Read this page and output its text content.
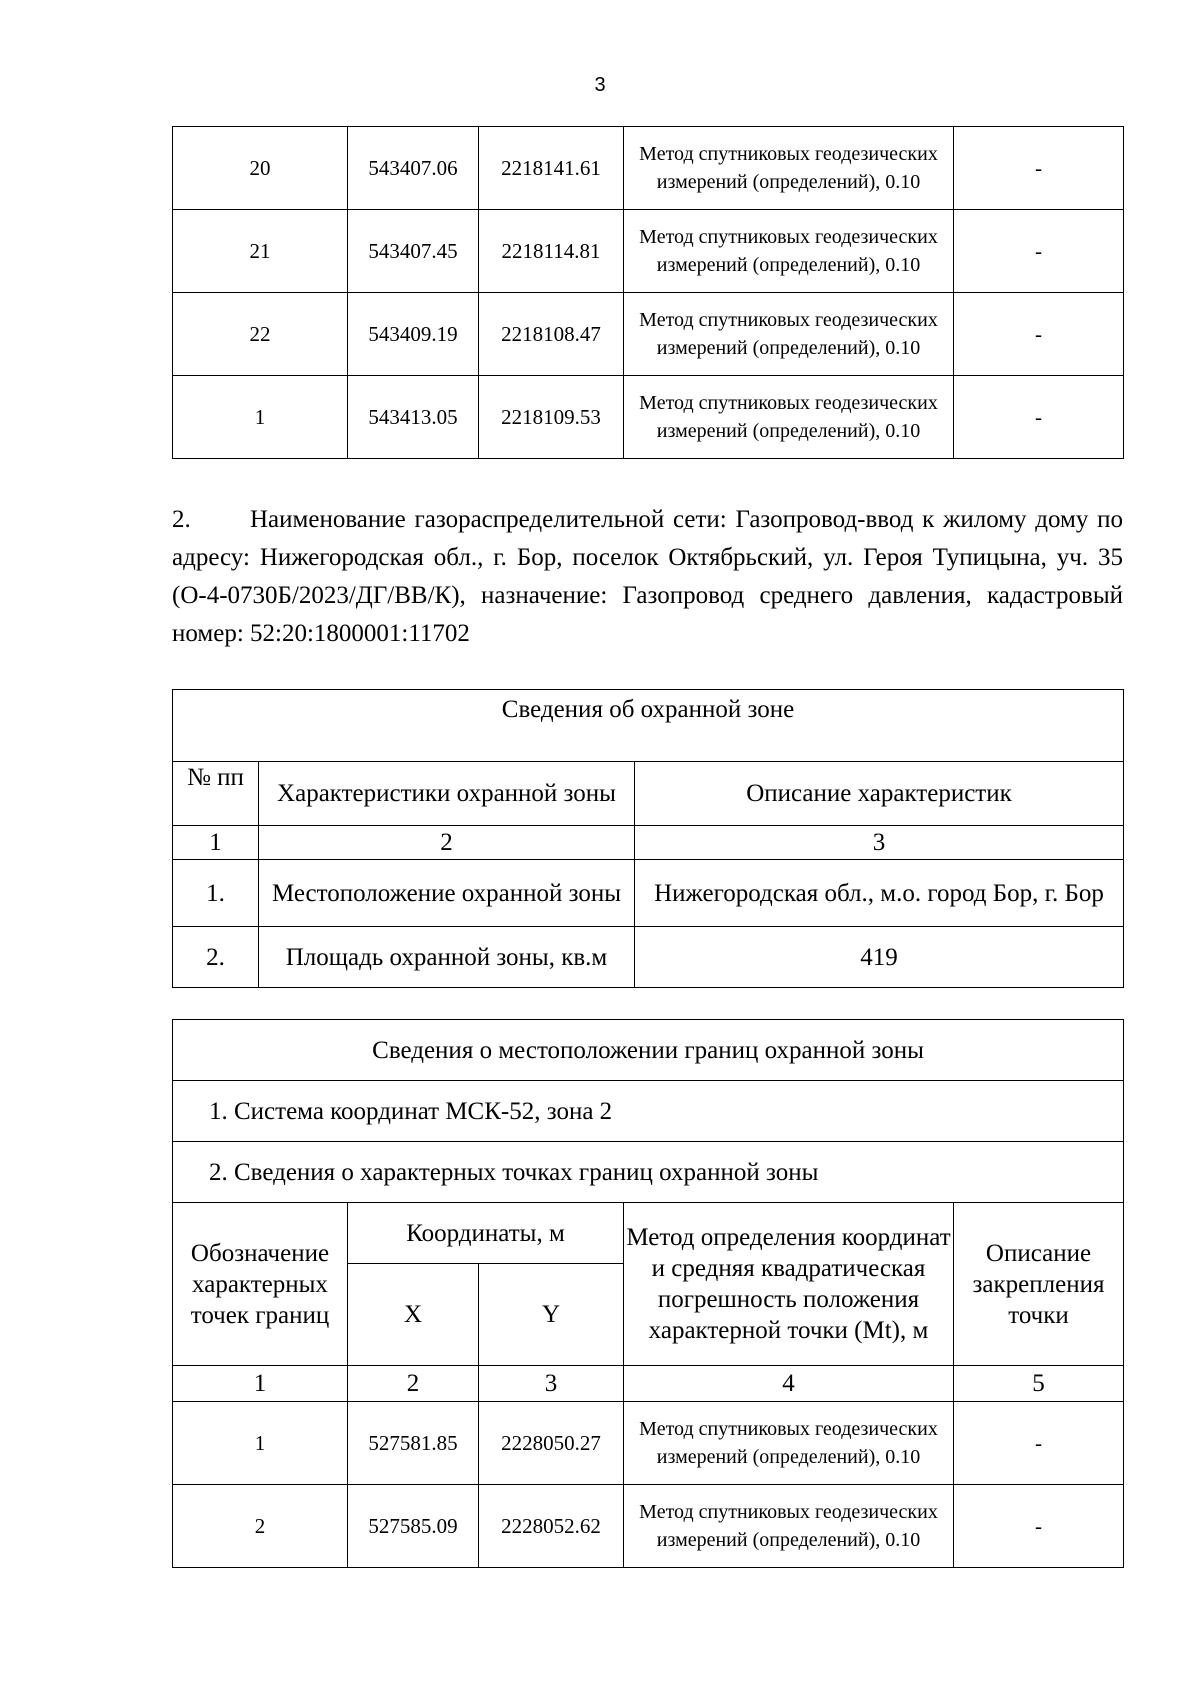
3
20	543407.06	2218141.61	Метод спутниковых геодезических измерений (определений), 0.10	-
21	543407.45	2218114.81	Метод спутниковых геодезических измерений (определений), 0.10	-
22	543409.19	2218108.47	Метод спутниковых геодезических измерений (определений), 0.10	-
1	543413.05	2218109.53	Метод спутниковых геодезических измерений (определений), 0.10	-

2. Наименование газораспределительной сети: Газопровод-ввод к жилому дому по адресу: Нижегородская обл., г. Бор, поселок Октябрьский, ул. Героя Тупицына, уч. 35 (О-4-0730Б/2023/ДГ/ВВ/К), назначение: Газопровод среднего давления, кадастровый номер: 52:20:1800001:11702

Сведения об охранной зоне		
№ пп	Характеристики охранной зоны	Описание характеристик
1	2	3
1.	Местоположение охранной зоны	Нижегородская обл., м.о. город Бор, г. Бор
2.	Площадь охранной зоны, кв.м	419
Сведения о местоположении границ охранной зоны				
1. Система координат МСК-52, зона 2				
2. Сведения о характерных точках границ охранной зоны				
Обозначение характерных точек границ	Координаты, м		Метод определения координат и средняя квадратическая погрешность положения характерной точки (Mt), м	Описание закрепления точки
	X	Y		
1	2	3	4	5
1	527581.85	2228050.27	Метод спутниковых геодезических измерений (определений), 0.10	-
2	527585.09	2228052.62	Метод спутниковых геодезических измерений (определений), 0.10	-
